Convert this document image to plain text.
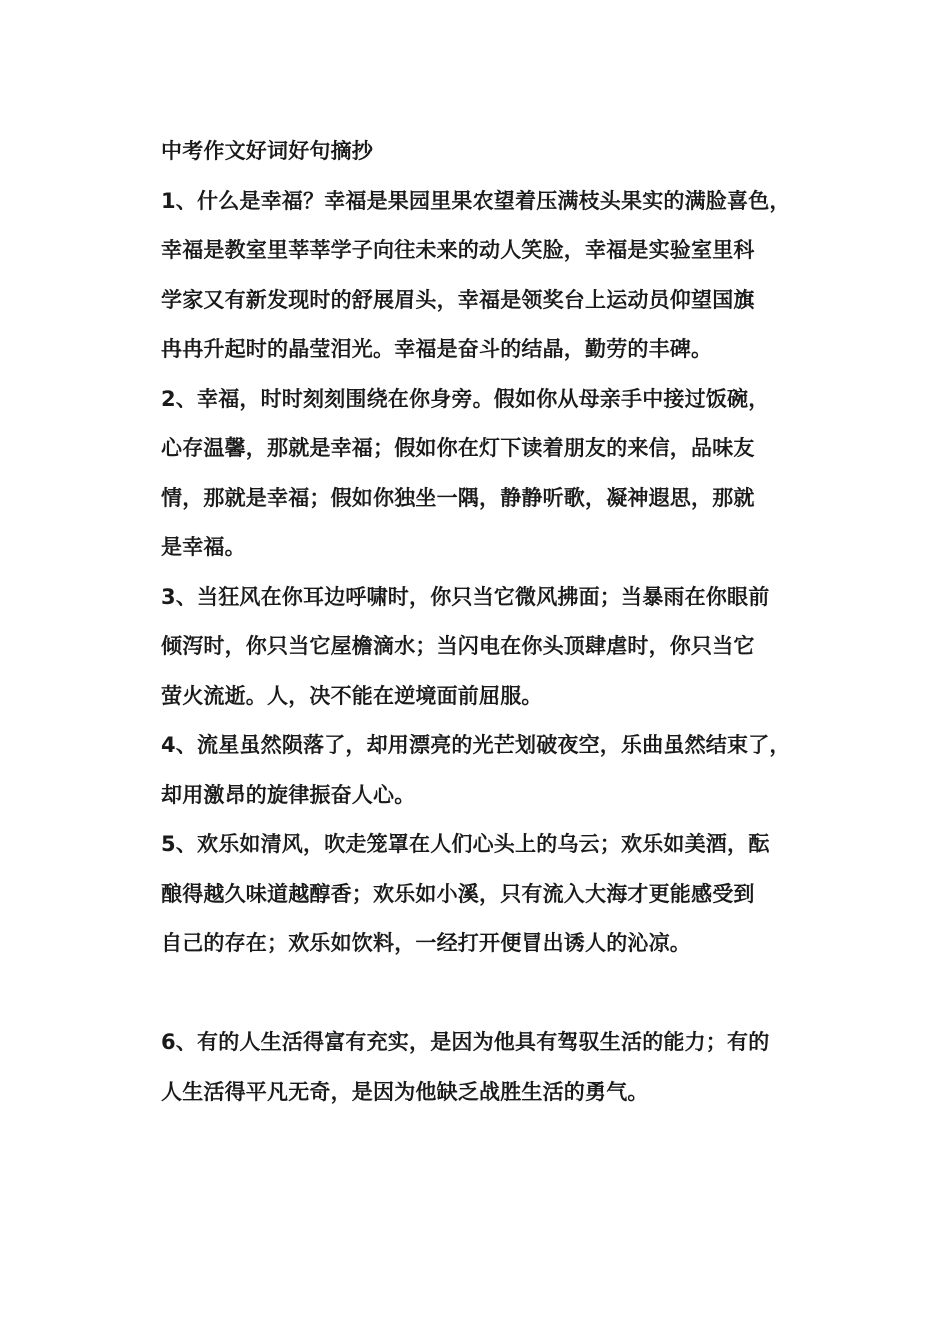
中考作文好词好句摘抄
1、什么是幸福？幸福是果园里果农望着压满枝头果实的满脸喜色，
幸福是教室里莘莘学子向往未来的动人笑脸，幸福是实验室里科
学家又有新发现时的舒展眉头，幸福是领奖台上运动员仰望国旗
冉冉升起时的晶莹泪光。幸福是奋斗的结晶，勤劳的丰碑。
2、幸福，时时刻刻围绕在你身旁。假如你从母亲手中接过饭碗，
心存温馨，那就是幸福；假如你在灯下读着朋友的来信，品味友
情，那就是幸福；假如你独坐一隅，静静听歌，凝神遐思，那就
是幸福。
3、当狂风在你耳边呼啸时，你只当它微风拂面；当暴雨在你眼前
倾泻时，你只当它屋檐滴水；当闪电在你头顶肆虐时，你只当它
萤火流逝。人，决不能在逆境面前屈服。
4、流星虽然陨落了，却用漂亮的光芒划破夜空，乐曲虽然结束了，
却用激昂的旋律振奋人心。
5、欢乐如清风，吹走笼罩在人们心头上的乌云；欢乐如美酒，酝
酿得越久味道越醇香；欢乐如小溪，只有流入大海才更能感受到
自己的存在；欢乐如饮料，一经打开便冒出诱人的沁凉。
6、有的人生活得富有充实，是因为他具有驾驭生活的能力；有的
人生活得平凡无奇，是因为他缺乏战胜生活的勇气。
